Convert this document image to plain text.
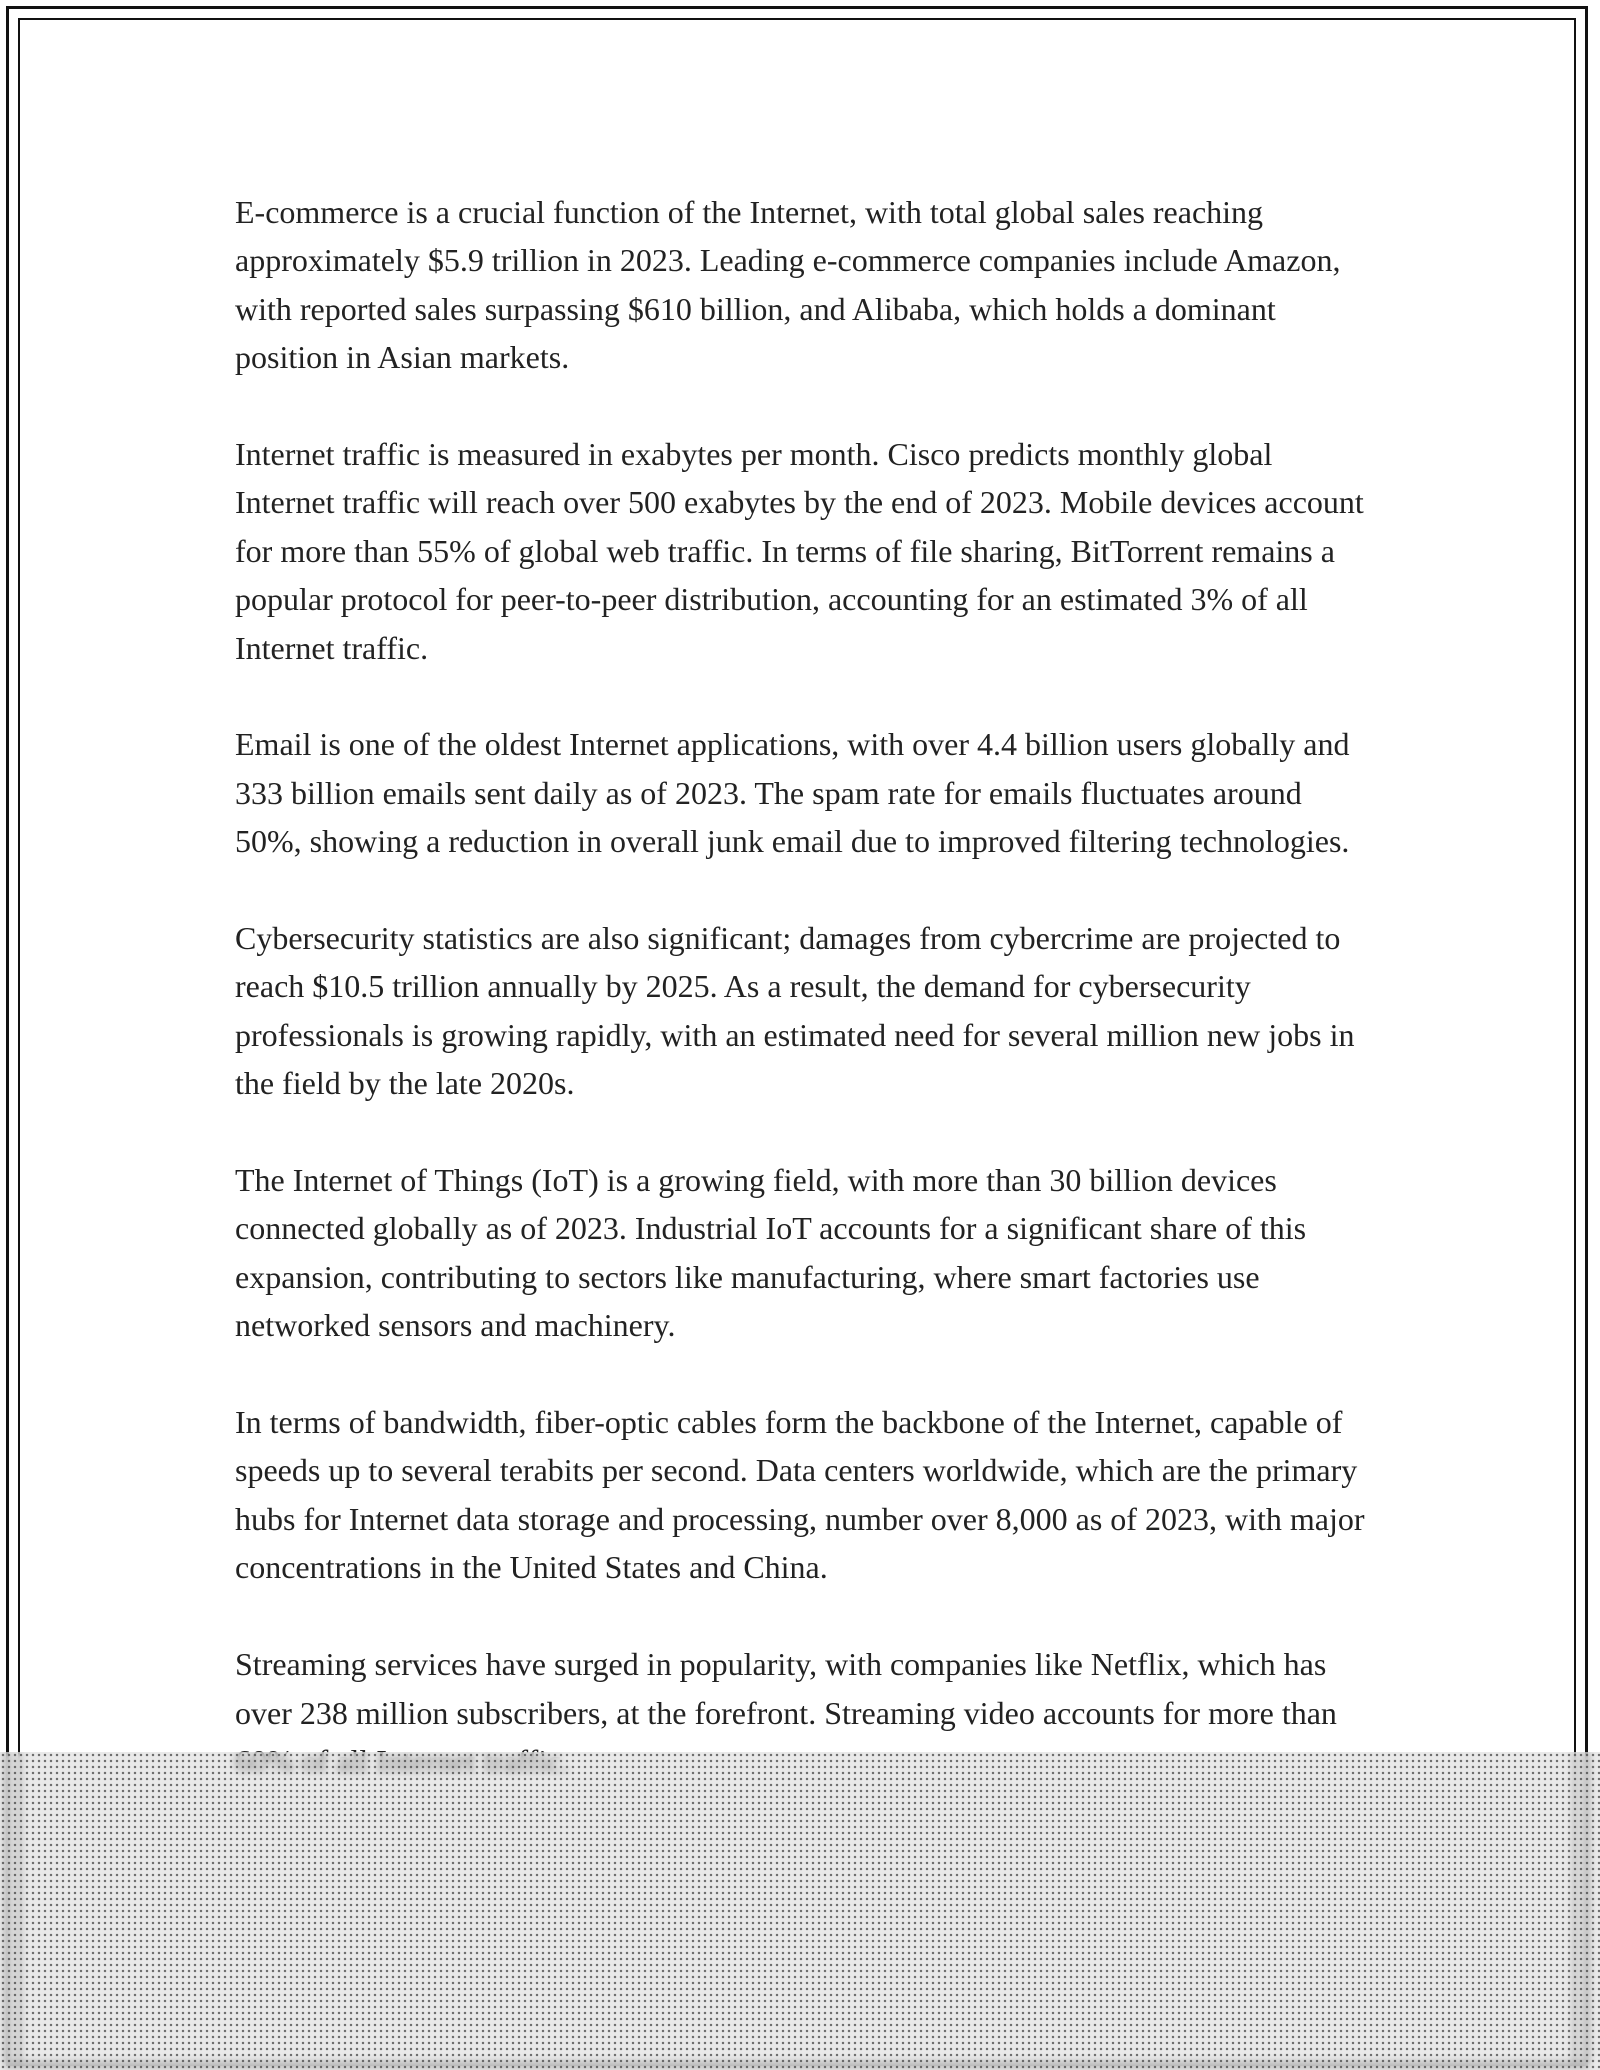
E-commerce is a crucial function of the Internet, with total global sales reaching approximately $5.9 trillion in 2023. Leading e-commerce companies include Amazon, with reported sales surpassing $610 billion, and Alibaba, which holds a dominant position in Asian markets.

Internet traffic is measured in exabytes per month. Cisco predicts monthly global Internet traffic will reach over 500 exabytes by the end of 2023. Mobile devices account for more than 55% of global web traffic. In terms of file sharing, BitTorrent remains a popular protocol for peer-to-peer distribution, accounting for an estimated 3% of all Internet traffic.

Email is one of the oldest Internet applications, with over 4.4 billion users globally and 333 billion emails sent daily as of 2023. The spam rate for emails fluctuates around 50%, showing a reduction in overall junk email due to improved filtering technologies.

Cybersecurity statistics are also significant; damages from cybercrime are projected to reach $10.5 trillion annually by 2025. As a result, the demand for cybersecurity professionals is growing rapidly, with an estimated need for several million new jobs in the field by the late 2020s.

The Internet of Things (IoT) is a growing field, with more than 30 billion devices connected globally as of 2023. Industrial IoT accounts for a significant share of this expansion, contributing to sectors like manufacturing, where smart factories use networked sensors and machinery.

In terms of bandwidth, fiber-optic cables form the backbone of the Internet, capable of speeds up to several terabits per second. Data centers worldwide, which are the primary hubs for Internet data storage and processing, number over 8,000 as of 2023, with major concentrations in the United States and China.

Streaming services have surged in popularity, with companies like Netflix, which has over 238 million subscribers, at the forefront. Streaming video accounts for more than
